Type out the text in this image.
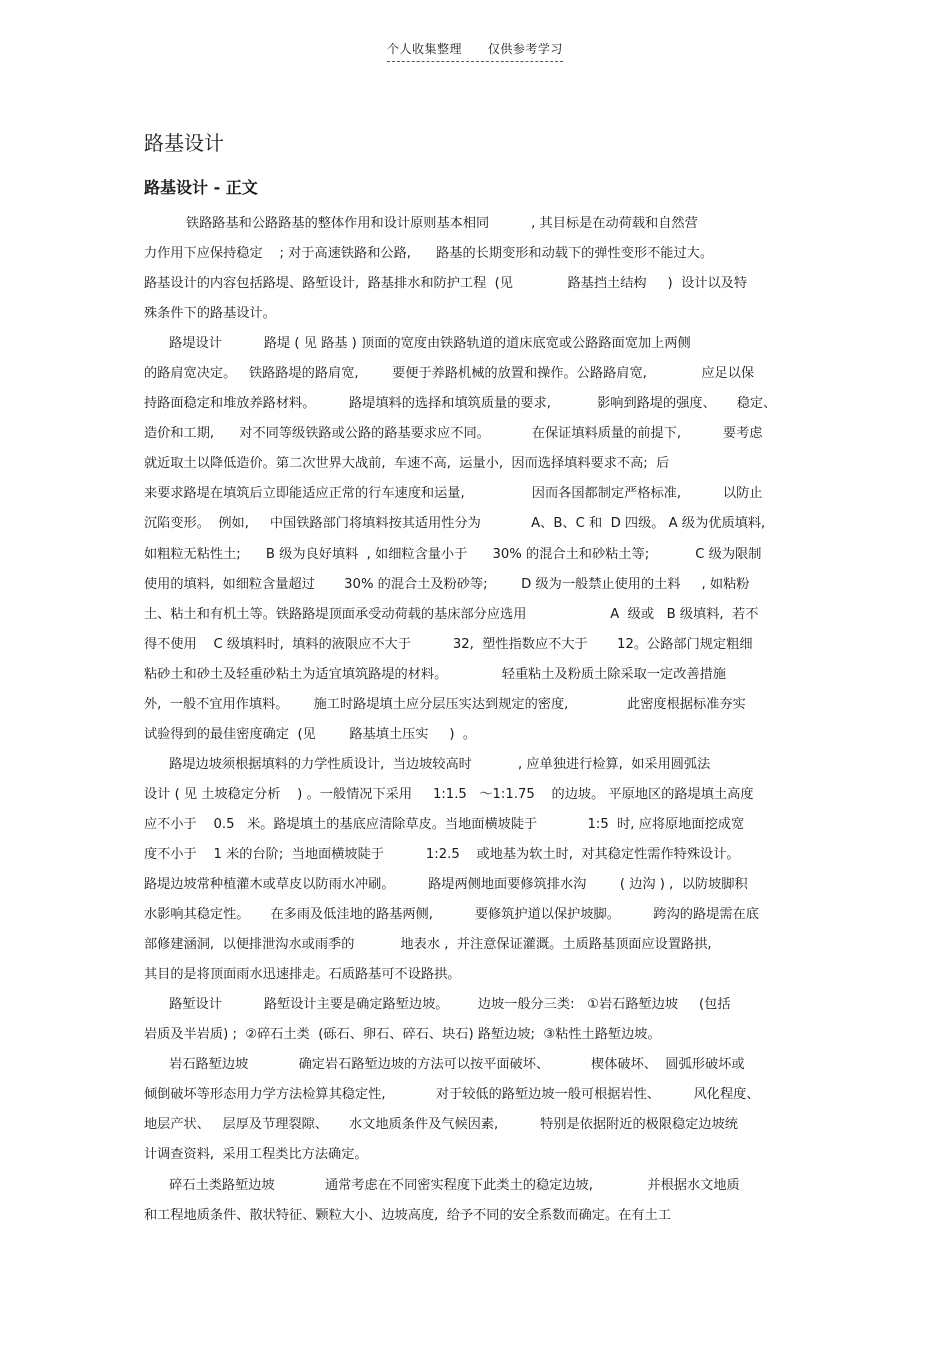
个人收集整理      仅供参考学习
路基设计
路基设计 - 正文
铁路路基和公路路基的整体作用和设计原则基本相同          , 其目标是在动荷载和自然营
力作用下应保持稳定    ; 对于高速铁路和公路,      路基的长期变形和动载下的弹性变形不能过大。
路基设计的内容包括路堤、路堑设计,  路基排水和防护工程  (见             路基挡土结构     )  设计以及特
殊条件下的路基设计。
路堤设计          路堤 ( 见 路基 ) 顶面的宽度由铁路轨道的道床底宽或公路路面宽加上两侧
的路肩宽决定。   铁路路堤的路肩宽,        要便于养路机械的放置和操作。公路路肩宽,             应足以保
持路面稳定和堆放养路材料。        路堤填料的选择和填筑质量的要求,           影响到路堤的强度、     稳定、
造价和工期,      对不同等级铁路或公路的路基要求应不同。          在保证填料质量的前提下,          要考虑
就近取土以降低造价。第二次世界大战前,  车速不高,  运量小,  因而选择填料要求不高;  后
来要求路堤在填筑后立即能适应正常的行车速度和运量,                因而各国都制定严格标准,          以防止
沉陷变形。  例如,     中国铁路部门将填料按其适用性分为            A、B、C 和  D 四级。 A 级为优质填料,
如粗粒无粘性土;      B 级为良好填料  , 如细粒含量小于      30% 的混合土和砂粘土等;           C 级为限制
使用的填料,  如细粒含量超过       30% 的混合土及粉砂等;        D 级为一般禁止使用的土料     , 如粘粉
土、粘土和有机土等。铁路路堤顶面承受动荷载的基床部分应选用                    A  级或   B 级填料,  若不
得不使用    C 级填料时,  填料的液限应不大于          32,  塑性指数应不大于       12。公路部门规定粗细
粘砂土和砂土及轻重砂粘土为适宜填筑路堤的材料。             轻重粘土及粉质土除采取一定改善措施
外,  一般不宜用作填料。      施工时路堤填土应分层压实达到规定的密度,              此密度根据标准夯实
试验得到的最佳密度确定  (见        路基填土压实     )  。
路堤边坡须根据填料的力学性质设计,  当边坡较高时           , 应单独进行检算,  如采用圆弧法
设计 ( 见 土坡稳定分析    ) 。一般情况下采用     1:1.5   ～1:1.75    的边坡。 平原地区的路堤填土高度
应不小于    0.5   米。路堤填土的基底应清除草皮。当地面横坡陡于            1:5  时, 应将原地面挖成宽
度不小于    1 米的台阶;  当地面横坡陡于          1:2.5    或地基为软土时,  对其稳定性需作特殊设计。
路堤边坡常种植灌木或草皮以防雨水冲刷。        路堤两侧地面要修筑排水沟        ( 边沟 ) ,  以防坡脚积
水影响其稳定性。     在多雨及低洼地的路基两侧,          要修筑护道以保护坡脚。        跨沟的路堤需在底
部修建涵洞,  以便排泄沟水或雨季的           地表水 ,  并注意保证灌溉。土质路基顶面应设置路拱,
其目的是将顶面雨水迅速排走。石质路基可不设路拱。
路堑设计          路堑设计主要是确定路堑边坡。       边坡一般分三类:   ①岩石路堑边坡     (包括
岩质及半岩质) ;  ②碎石土类  (砾石、卵石、碎石、块石) 路堑边坡;  ③粘性土路堑边坡。
岩石路堑边坡            确定岩石路堑边坡的方法可以按平面破坏、          楔体破坏、  圆弧形破坏或
倾倒破坏等形态用力学方法检算其稳定性,            对于较低的路堑边坡一般可根据岩性、        风化程度、
地层产状、   层厚及节理裂隙、     水文地质条件及气候因素,          特别是依据附近的极限稳定边坡统
计调查资料,  采用工程类比方法确定。
碎石土类路堑边坡            通常考虑在不同密实程度下此类土的稳定边坡,             并根据水文地质
和工程地质条件、散状特征、颗粒大小、边坡高度,  给予不同的安全系数而确定。在有土工
